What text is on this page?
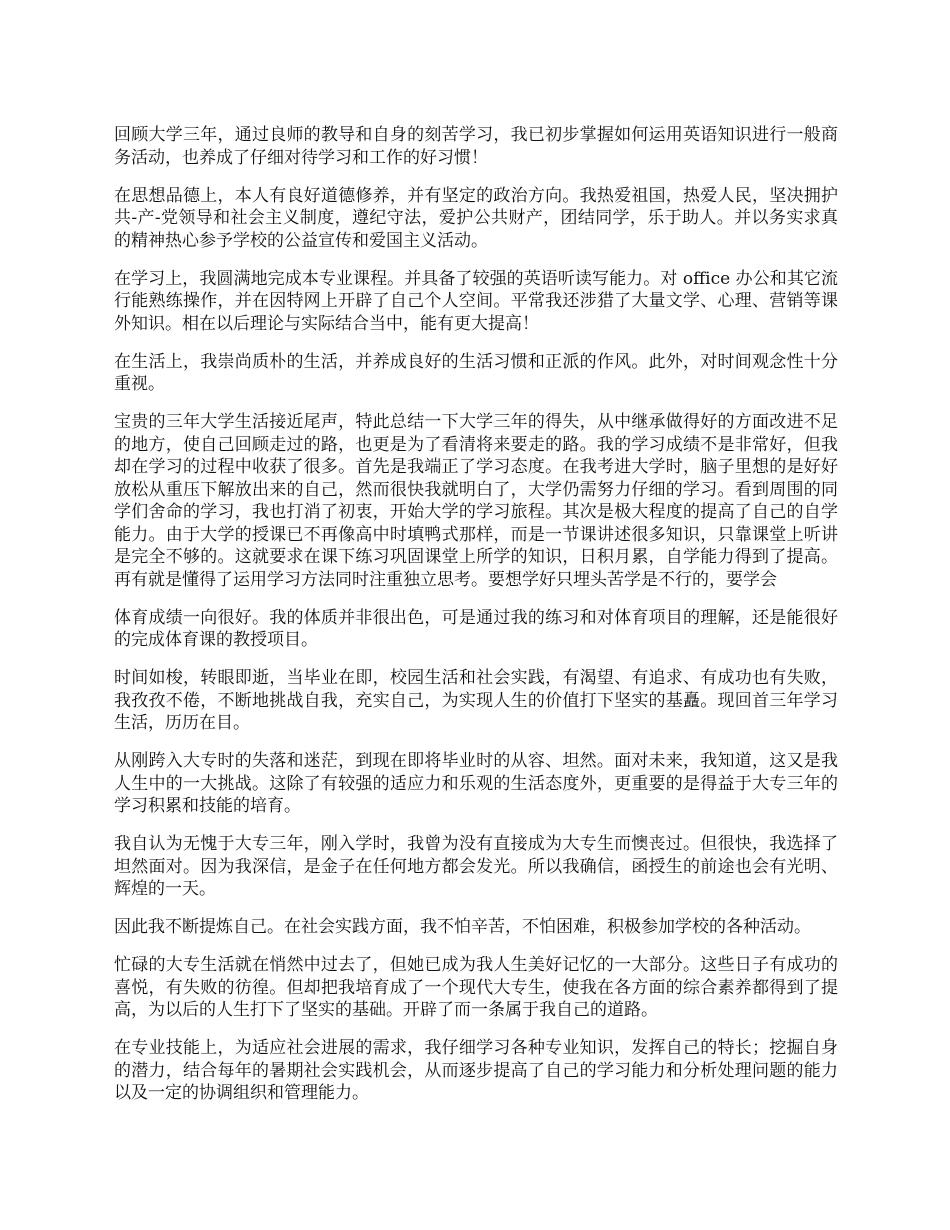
回顾大学三年，通过良师的教导和自身的刻苦学习，我已初步掌握如何运用英语知识进行一般商务活动，也养成了仔细对待学习和工作的好习惯！

在思想品德上，本人有良好道德修养，并有坚定的政治方向。我热爱祖国，热爱人民，坚决拥护共-产-党领导和社会主义制度，遵纪守法，爱护公共财产，团结同学，乐于助人。并以务实求真的精神热心参予学校的公益宣传和爱国主义活动。

在学习上，我圆满地完成本专业课程。并具备了较强的英语听读写能力。对 office 办公和其它流行能熟练操作，并在因特网上开辟了自己个人空间。平常我还涉猎了大量文学、心理、营销等课外知识。相在以后理论与实际结合当中，能有更大提高！

在生活上，我崇尚质朴的生活，并养成良好的生活习惯和正派的作风。此外，对时间观念性十分重视。

宝贵的三年大学生活接近尾声，特此总结一下大学三年的得失，从中继承做得好的方面改进不足的地方，使自己回顾走过的路，也更是为了看清将来要走的路。我的学习成绩不是非常好，但我却在学习的过程中收获了很多。首先是我端正了学习态度。在我考进大学时，脑子里想的是好好放松从重压下解放出来的自己，然而很快我就明白了，大学仍需努力仔细的学习。看到周围的同学们舍命的学习，我也打消了初衷，开始大学的学习旅程。其次是极大程度的提高了自己的自学能力。由于大学的授课已不再像高中时填鸭式那样，而是一节课讲述很多知识，只靠课堂上听讲是完全不够的。这就要求在课下练习巩固课堂上所学的知识，日积月累，自学能力得到了提高。再有就是懂得了运用学习方法同时注重独立思考。要想学好只埋头苦学是不行的，要学会

体育成绩一向很好。我的体质并非很出色，可是通过我的练习和对体育项目的理解，还是能很好的完成体育课的教授项目。

时间如梭，转眼即逝，当毕业在即，校园生活和社会实践，有渴望、有追求、有成功也有失败，我孜孜不倦，不断地挑战自我，充实自己，为实现人生的价值打下坚实的基矗。现回首三年学习生活，历历在目。

从刚跨入大专时的失落和迷茫，到现在即将毕业时的从容、坦然。面对未来，我知道，这又是我人生中的一大挑战。这除了有较强的适应力和乐观的生活态度外，更重要的是得益于大专三年的学习积累和技能的培育。

我自认为无愧于大专三年，刚入学时，我曾为没有直接成为大专生而懊丧过。但很快，我选择了坦然面对。因为我深信，是金子在任何地方都会发光。所以我确信，函授生的前途也会有光明、辉煌的一天。

因此我不断提炼自己。在社会实践方面，我不怕辛苦，不怕困难，积极参加学校的各种活动。

忙碌的大专生活就在悄然中过去了，但她已成为我人生美好记忆的一大部分。这些日子有成功的喜悦，有失败的彷徨。但却把我培育成了一个现代大专生，使我在各方面的综合素养都得到了提高，为以后的人生打下了坚实的基础。开辟了而一条属于我自己的道路。

在专业技能上，为适应社会进展的需求，我仔细学习各种专业知识，发挥自己的特长；挖掘自身的潜力，结合每年的暑期社会实践机会，从而逐步提高了自己的学习能力和分析处理问题的能力以及一定的协调组织和管理能力。
